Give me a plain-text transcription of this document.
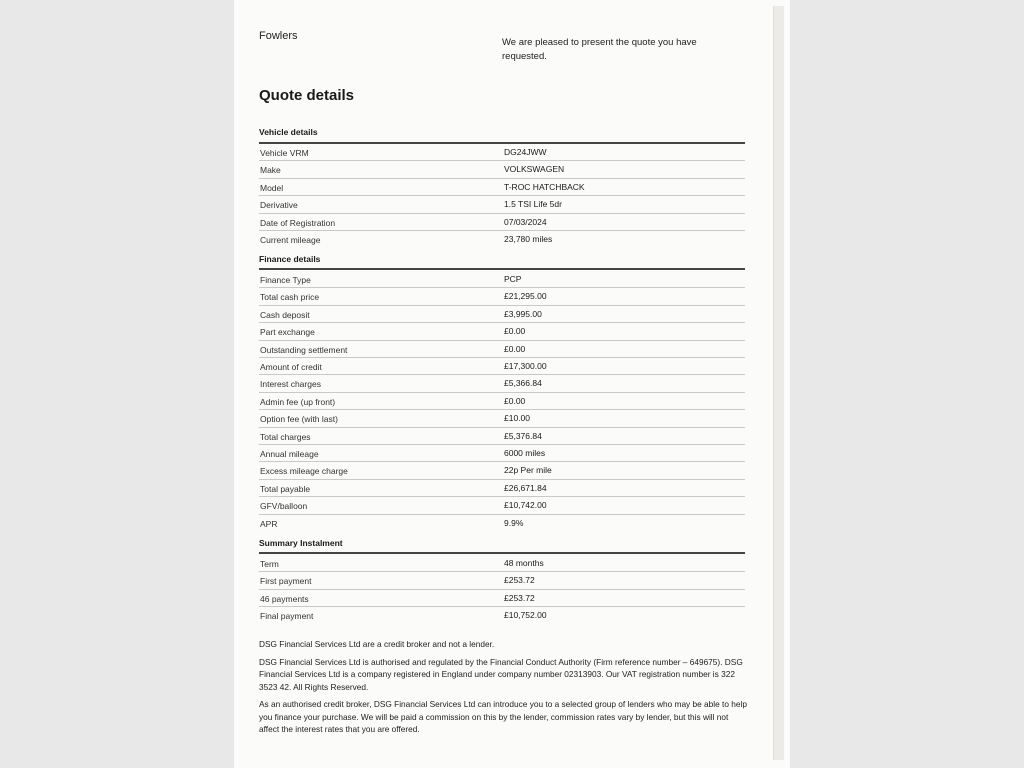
Fowlers
We are pleased to present the quote you have requested.
Quote details
Vehicle details
Vehicle VRM	DG24JWW
Make	VOLKSWAGEN
Model	T-ROC HATCHBACK
Derivative	1.5 TSI Life 5dr
Date of Registration	07/03/2024
Current mileage	23,780 miles
Finance details
Finance Type	PCP
Total cash price	£21,295.00
Cash deposit	£3,995.00
Part exchange	£0.00
Outstanding settlement	£0.00
Amount of credit	£17,300.00
Interest charges	£5,366.84
Admin fee (up front)	£0.00
Option fee (with last)	£10.00
Total charges	£5,376.84
Annual mileage	6000 miles
Excess mileage charge	22p Per mile
Total payable	£26,671.84
GFV/balloon	£10,742.00
APR	9.9%
Summary Instalment
Term	48 months
First payment	£253.72
46 payments	£253.72
Final payment	£10,752.00

DSG Financial Services Ltd are a credit broker and not a lender.

DSG Financial Services Ltd is authorised and regulated by the Financial Conduct Authority (Firm reference number – 649675). DSG Financial Services Ltd is a company registered in England under company number 02313903. Our VAT registration number is 322 3523 42. All Rights Reserved.

As an authorised credit broker, DSG Financial Services Ltd can introduce you to a selected group of lenders who may be able to help you finance your purchase. We will be paid a commission on this by the lender, commission rates vary by lender, but this will not affect the interest rates that you are offered.
